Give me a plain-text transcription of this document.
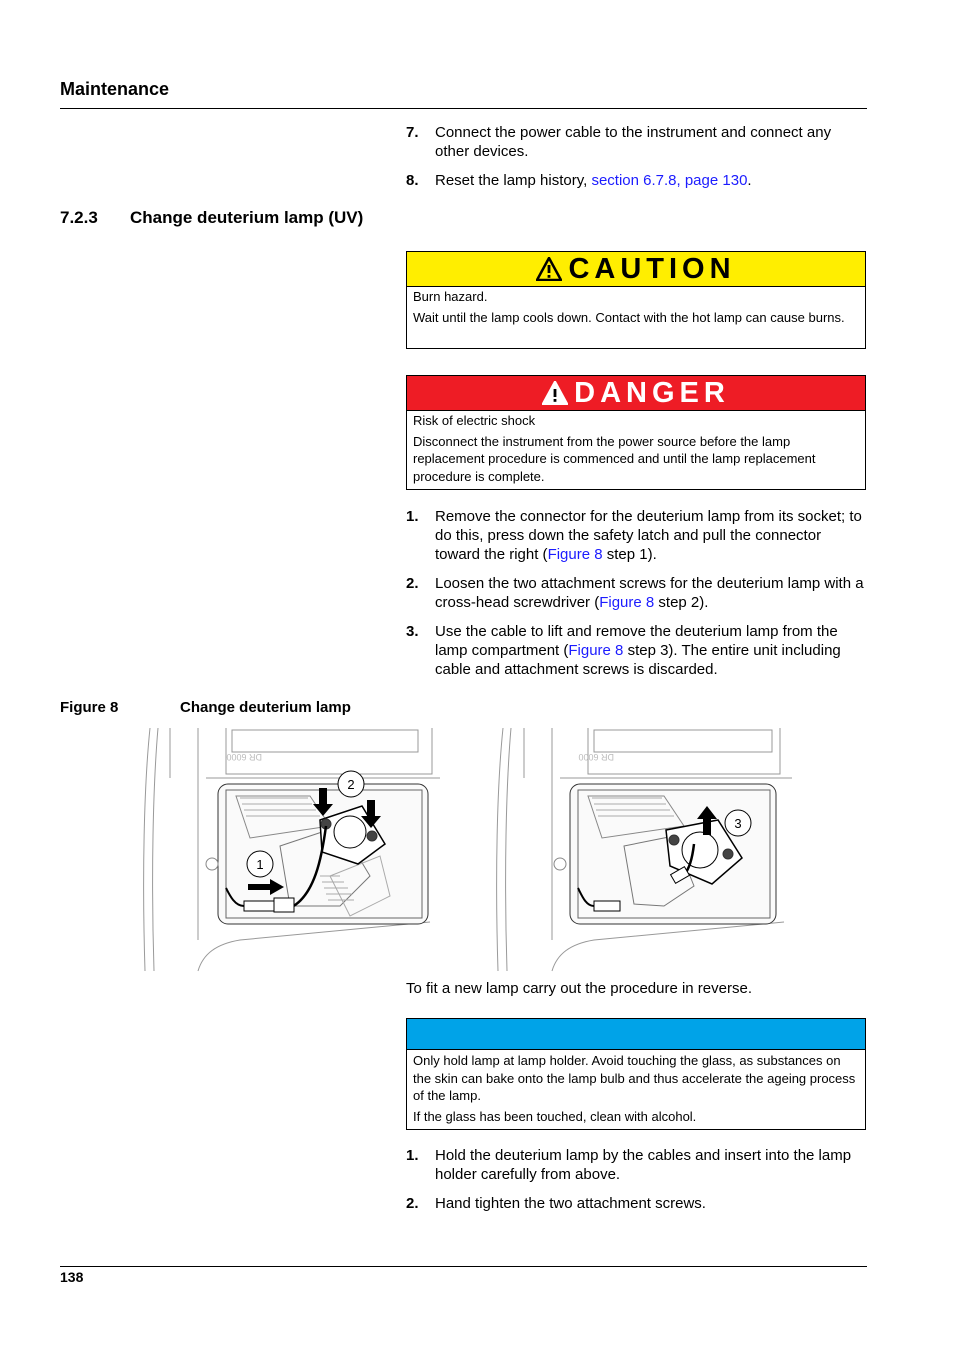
Maintenance
7. Connect the power cable to the instrument and connect any other devices.
8. Reset the lamp history, section 6.7.8, page 130.
7.2.3 Change deuterium lamp (UV)
CAUTION

Burn hazard.

Wait until the lamp cools down. Contact with the hot lamp can cause burns.

DANGER

Risk of electric shock

Disconnect the instrument from the power source before the lamp replacement procedure is commenced and until the lamp replacement procedure is complete.

1. Remove the connector for the deuterium lamp from its socket; to do this, press down the safety latch and pull the connector toward the right (Figure 8 step 1).
2. Loosen the two attachment screws for the deuterium lamp with a cross-head screwdriver (Figure 8 step 2).
3. Use the cable to lift and remove the deuterium lamp from the lamp compartment (Figure 8 step 3). The entire unit including cable and attachment screws is discarded.
Figure 8	Change deuterium lamp
DR 6000
1
2
DR 6000
3
To fit a new lamp carry out the procedure in reverse.

Only hold lamp at lamp holder. Avoid touching the glass, as substances on the skin can bake onto the lamp bulb and thus accelerate the ageing process of the lamp.

If the glass has been touched, clean with alcohol.

1. Hold the deuterium lamp by the cables and insert into the lamp holder carefully from above.
2. Hand tighten the two attachment screws.
138
